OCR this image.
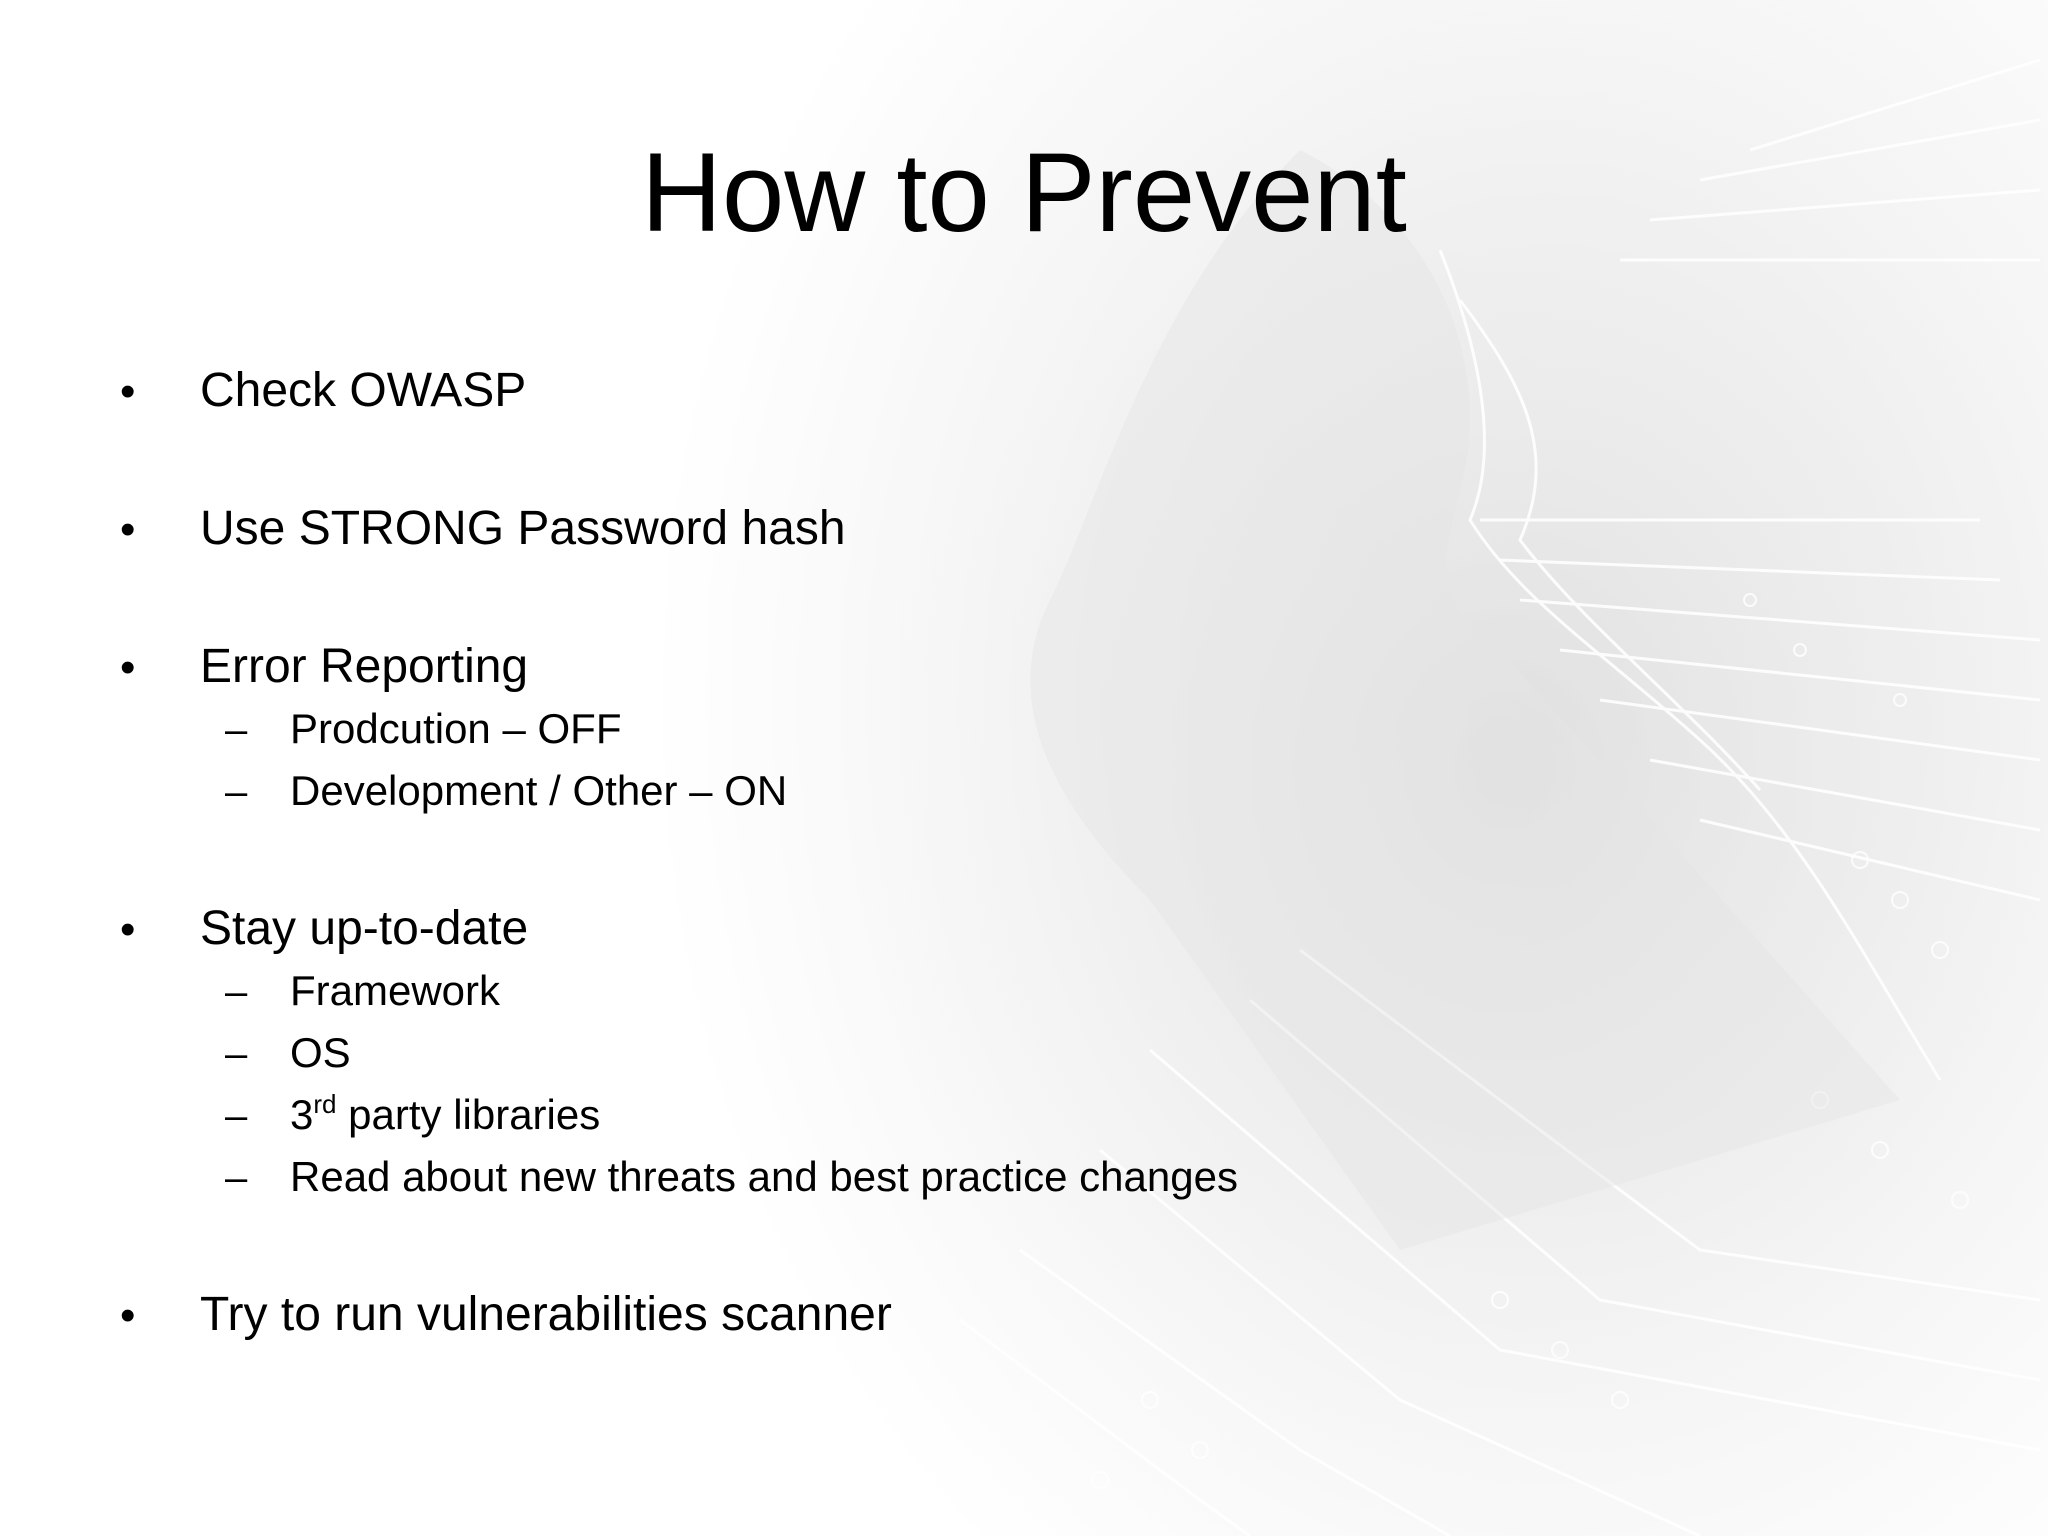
How to Prevent
•	Check OWASP
•	Use STRONG Password hash
•	Error Reporting
–	Prodcution – OFF
–	Development / Other – ON
•	Stay up-to-date
–	Framework
–	OS
–	3rd party libraries
–	Read about new threats and best practice changes
•	Try to run vulnerabilities scanner
